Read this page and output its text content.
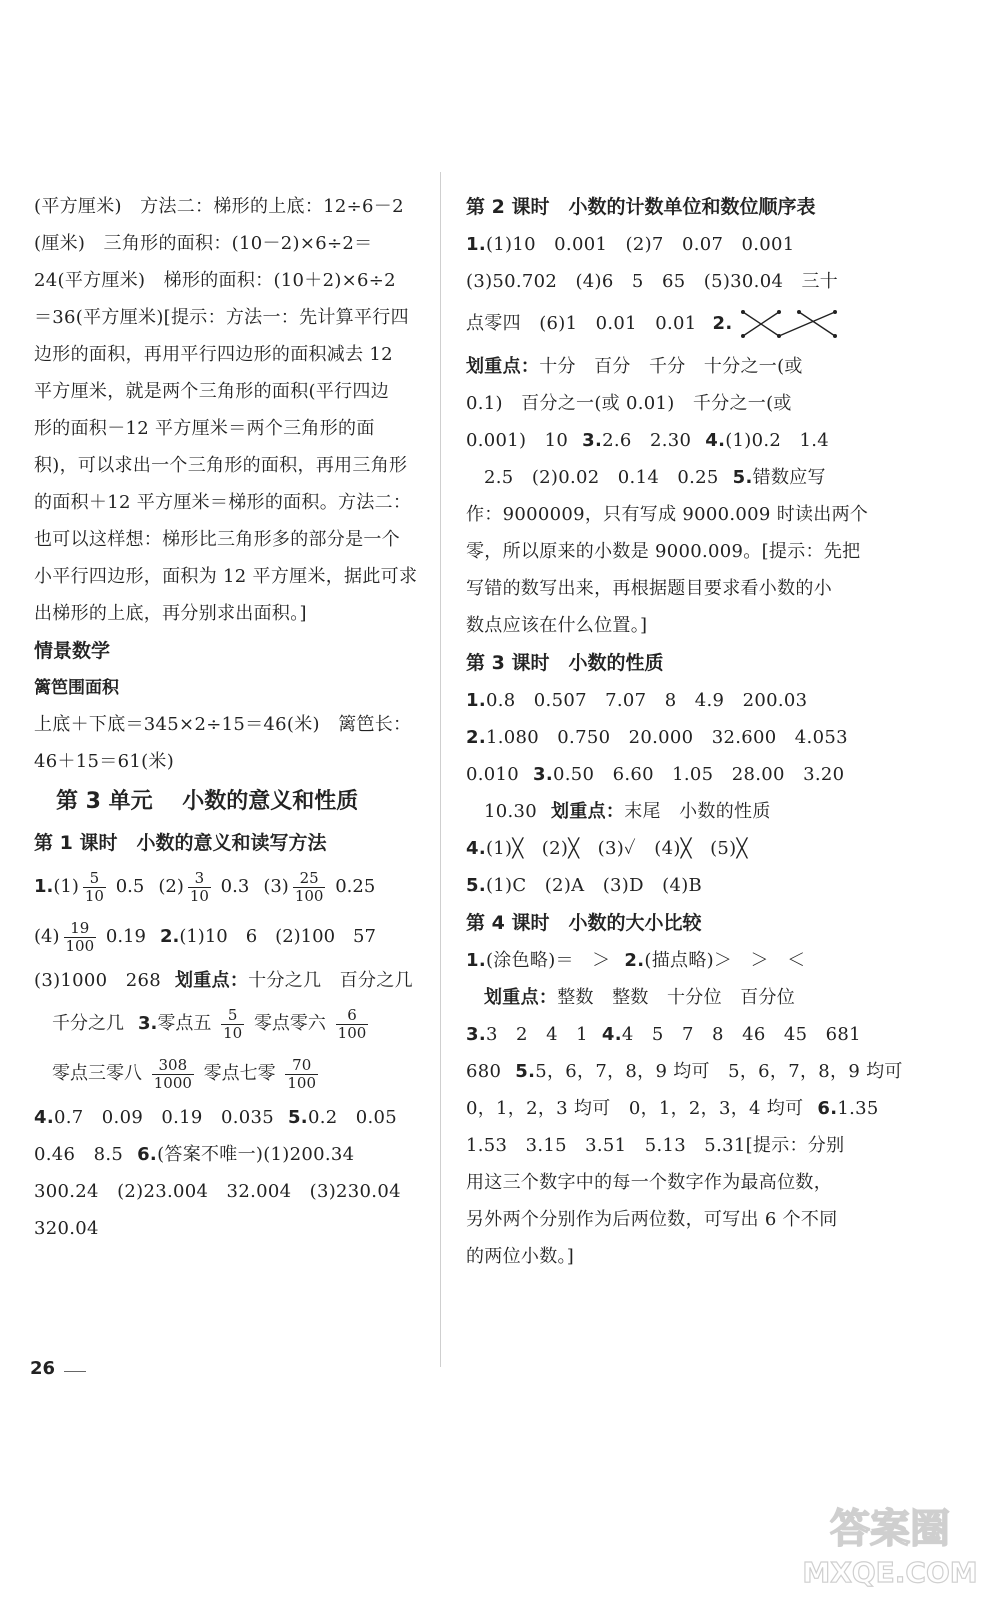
(平方厘米)　方法二：梯形的上底：12÷6－2
(厘米)　三角形的面积：(10－2)×6÷2＝
24(平方厘米)　梯形的面积：(10＋2)×6÷2
＝36(平方厘米)[提示：方法一：先计算平行四
边形的面积，再用平行四边形的面积减去 12
平方厘米，就是两个三角形的面积(平行四边
形的面积－12 平方厘米＝两个三角形的面
积)，可以求出一个三角形的面积，再用三角形
的面积＋12 平方厘米＝梯形的面积。方法二：
也可以这样想：梯形比三角形多的部分是一个
小平行四边形，面积为 12 平方厘米，据此可求
出梯形的上底，再分别求出面积。]
情景数学
篱笆围面积
上底＋下底＝345×2÷15＝46(米)　篱笆长：
46＋15＝61(米)
第 3 单元　 小数的意义和性质
第 1 课时　小数的意义和读写方法
$1.(1) \frac{5}{10} 0.5$ $(2) \frac{3}{10} 0.3$ $(3) \frac{25}{100} 0.25$
$(4) \frac{19}{100} 0.19$ 2.(1)10　6　(2)100　57
(3)1000　268 划重点：十分之几　百分之几
千分之几 3.零点五 $\frac{5}{10}$ 零点零六 $\frac{6}{100}$
零点三零八 $\frac{308}{1000}$ 零点七零 $\frac{70}{100}$
4.0.7　0.09　0.19　0.035 5.0.2　0.05
0.46　8.5 6.(答案不唯一)(1)200.34
300.24　(2)23.004　32.004　(3)230.04
320.04
第 2 课时　小数的计数单位和数位顺序表
1.(1)10　0.001　(2)7　0.07　0.001
(3)50.702　(4)6　5　65　(5)30.04　三十
点零四　(6)1　0.01　0.01 2.
划重点：十分　百分　千分　十分之一(或
0.1)　百分之一(或 0.01)　千分之一(或
0.001)　10 3.2.6　2.30 4.(1)0.2　1.4
2.5　(2)0.02　0.14　0.25 5.错数应写
作：9000009，只有写成 9000.009 时读出两个
零，所以原来的小数是 9000.009。[提示：先把
写错的数写出来，再根据题目要求看小数的小
数点应该在什么位置。]
第 3 课时　小数的性质
1.0.8　0.507　7.07　8　4.9　200.03
2.1.080　0.750　20.000　32.600　4.053
0.010 3.0.50　6.60　1.05　28.00　3.20
10.30 划重点：末尾　小数的性质
4.(1)╳　(2)╳　(3)✓　(4)╳　(5)╳
5.(1)C　(2)A　(3)D　(4)B
第 4 课时　小数的大小比较
1.(涂色略)＝　＞ 2.(描点略)＞　＞　＜
划重点：整数　整数　十分位　百分位
3.3　2　4　1 4.4　5　7　8　46　45　681
680 5.5，6，7，8，9 均可　5，6，7，8，9 均可
0，1，2，3 均可　0，1，2，3，4 均可 6.1.35
1.53　3.15　3.51　5.13　5.31[提示：分别
用这三个数字中的每一个数字作为最高位数，
另外两个分别作为后两位数，可写出 6 个不同
的两位小数。]
26
答案圈
MXQE.COM
